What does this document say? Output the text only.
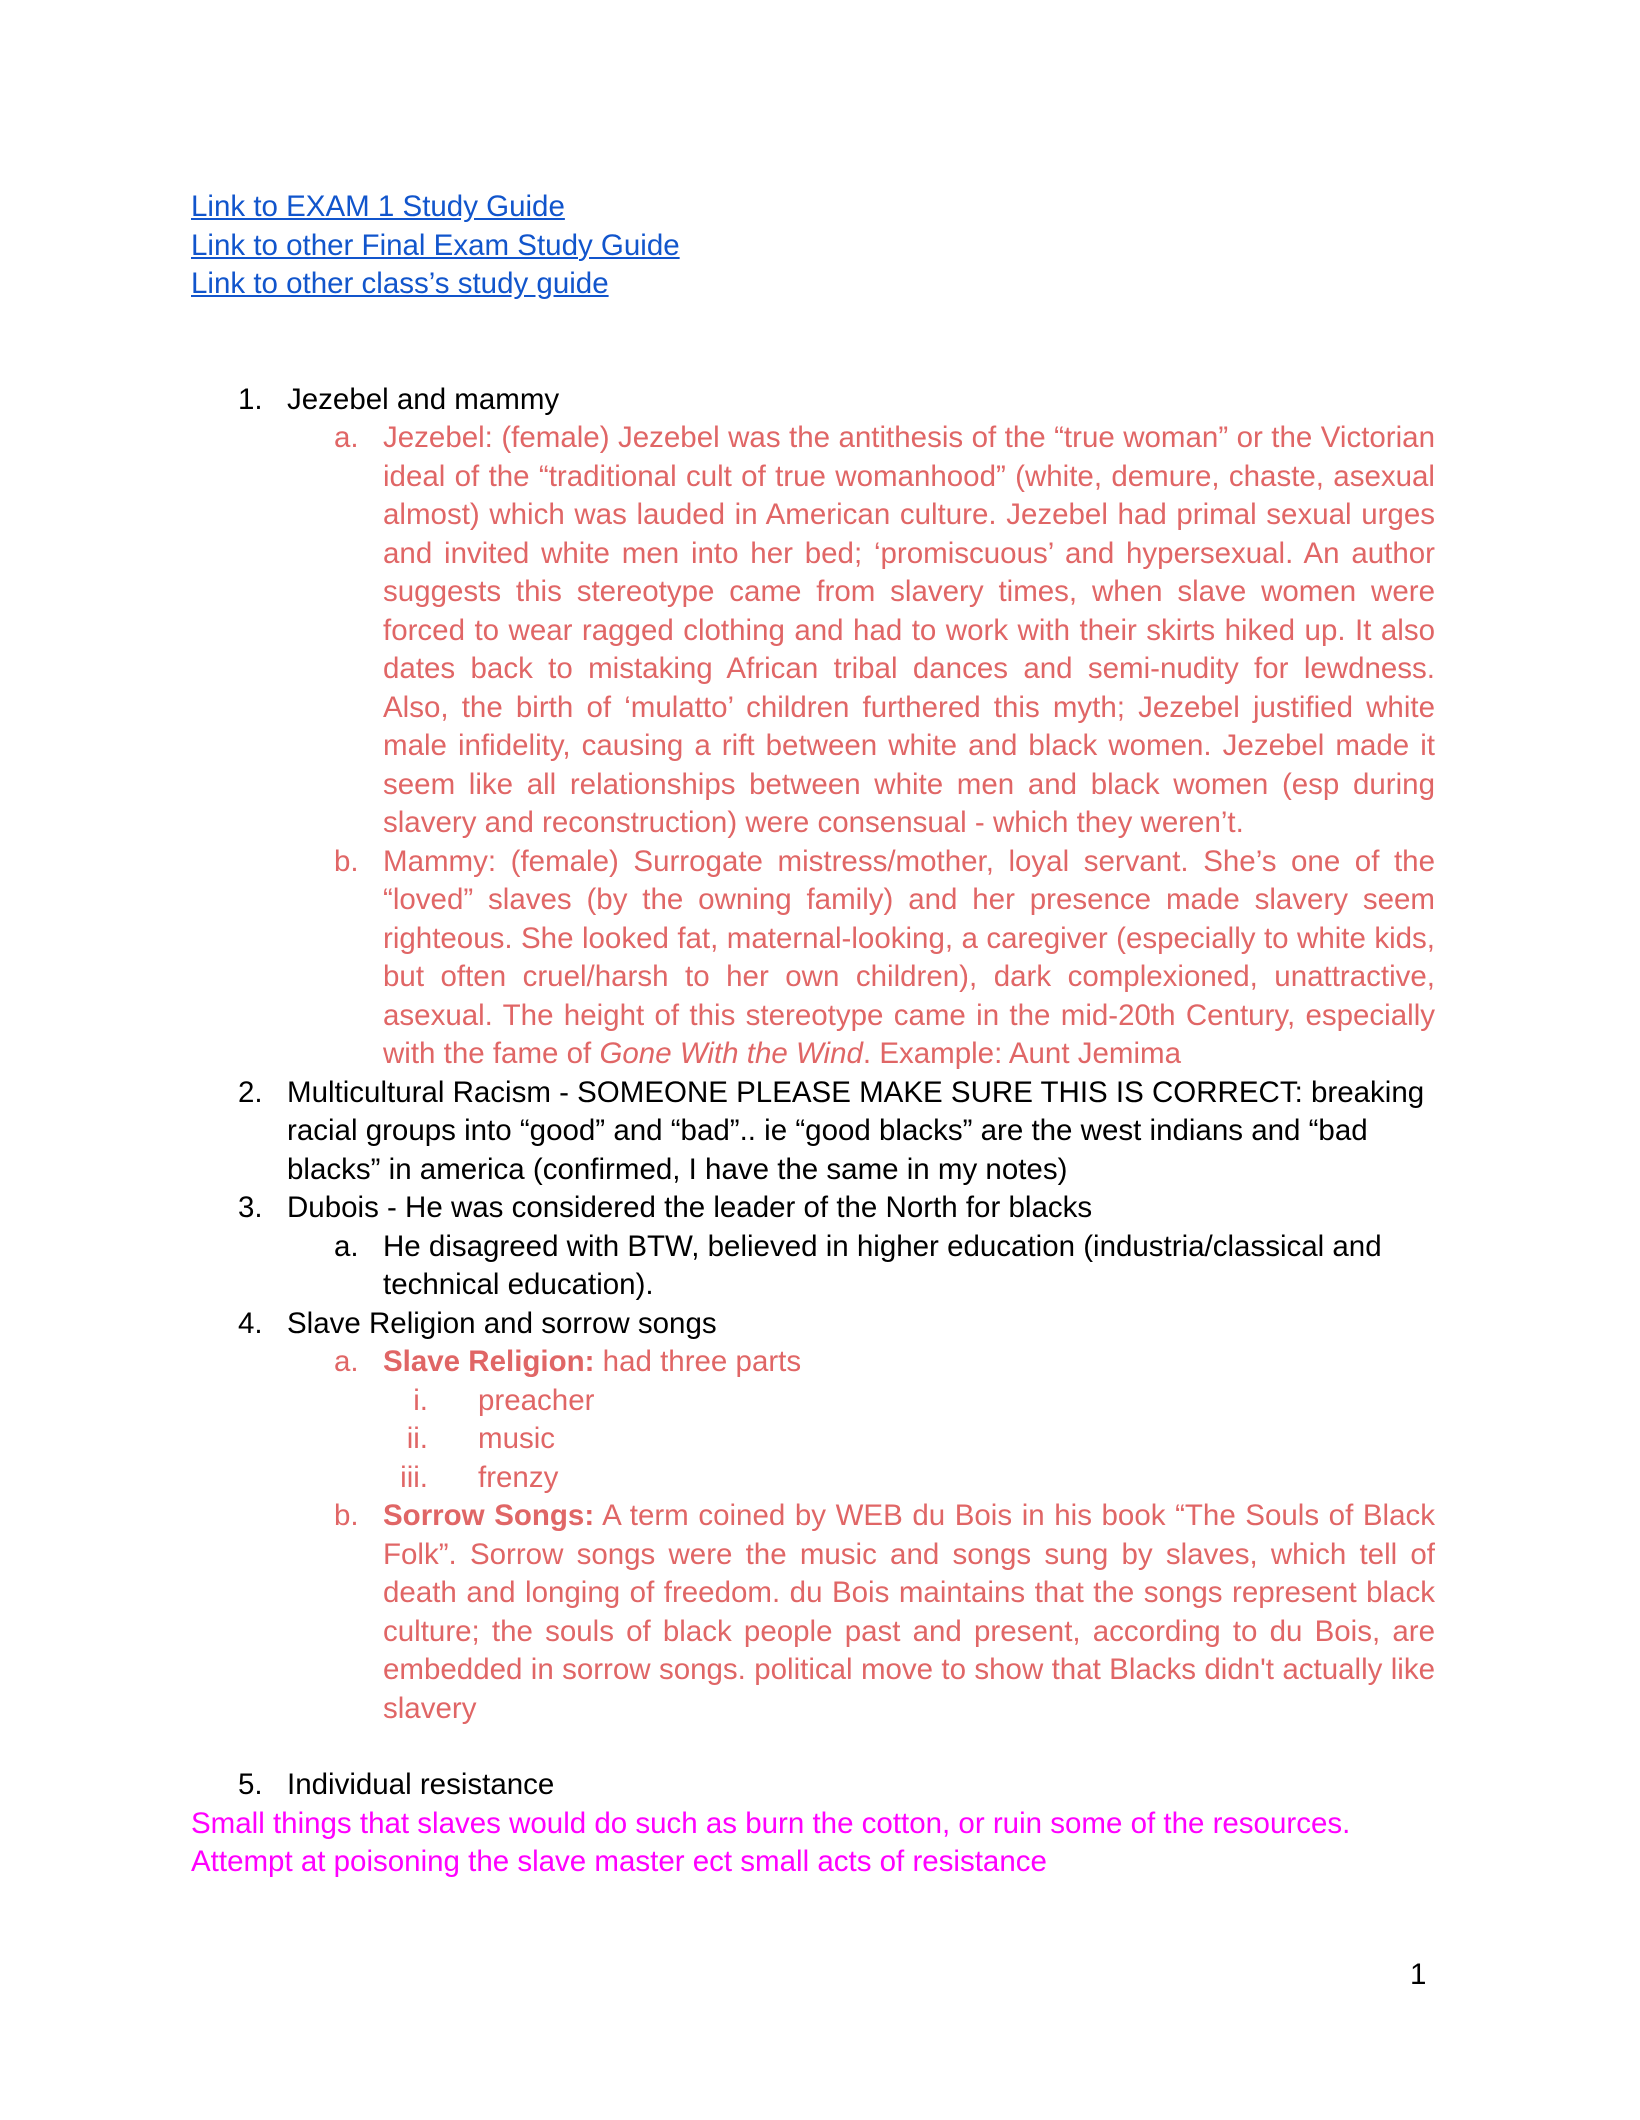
Link to EXAM 1 Study Guide
Link to other Final Exam Study Guide
Link to other class’s study guide
1. Jezebel and mammy
a. Jezebel: (female) Jezebel was the antithesis of the “true woman” or the Victorian ideal of the “traditional cult of true womanhood” (white, demure, chaste, asexual almost) which was lauded in American culture. Jezebel had primal sexual urges and invited white men into her bed; ‘promiscuous’ and hypersexual. An author suggests this stereotype came from slavery times, when slave women were forced to wear ragged clothing and had to work with their skirts hiked up. It also dates back to mistaking African tribal dances and semi-nudity for lewdness. Also, the birth of ‘mulatto’ children furthered this myth; Jezebel justified white male infidelity, causing a rift between white and black women. Jezebel made it seem like all relationships between white men and black women (esp during slavery and reconstruction) were consensual - which they weren’t.
b. Mammy: (female) Surrogate mistress/mother, loyal servant. She’s one of the “loved” slaves (by the owning family) and her presence made slavery seem righteous. She looked fat, maternal-looking, a caregiver (especially to white kids, but often cruel/harsh to her own children), dark complexioned, unattractive, asexual. The height of this stereotype came in the mid-20th Century, especially with the fame of Gone With the Wind. Example: Aunt Jemima
2. Multicultural Racism - SOMEONE PLEASE MAKE SURE THIS IS CORRECT: breaking racial groups into “good” and “bad”.. ie “good blacks” are the west indians and “bad blacks” in america (confirmed, I have the same in my notes)
3. Dubois - He was considered the leader of the North for blacks
a. He disagreed with BTW, believed in higher education (industria/classical and technical education).
4. Slave Religion and sorrow songs
a. Slave Religion: had three parts
i. preacher
ii. music
iii. frenzy
b. Sorrow Songs: A term coined by WEB du Bois in his book “The Souls of Black Folk”. Sorrow songs were the music and songs sung by slaves, which tell of death and longing of freedom. du Bois maintains that the songs represent black culture; the souls of black people past and present, according to du Bois, are embedded in sorrow songs. political move to show that Blacks didn't actually like slavery
5. Individual resistance
Small things that slaves would do such as burn the cotton, or ruin some of the resources. Attempt at poisoning the slave master ect small acts of resistance
1
